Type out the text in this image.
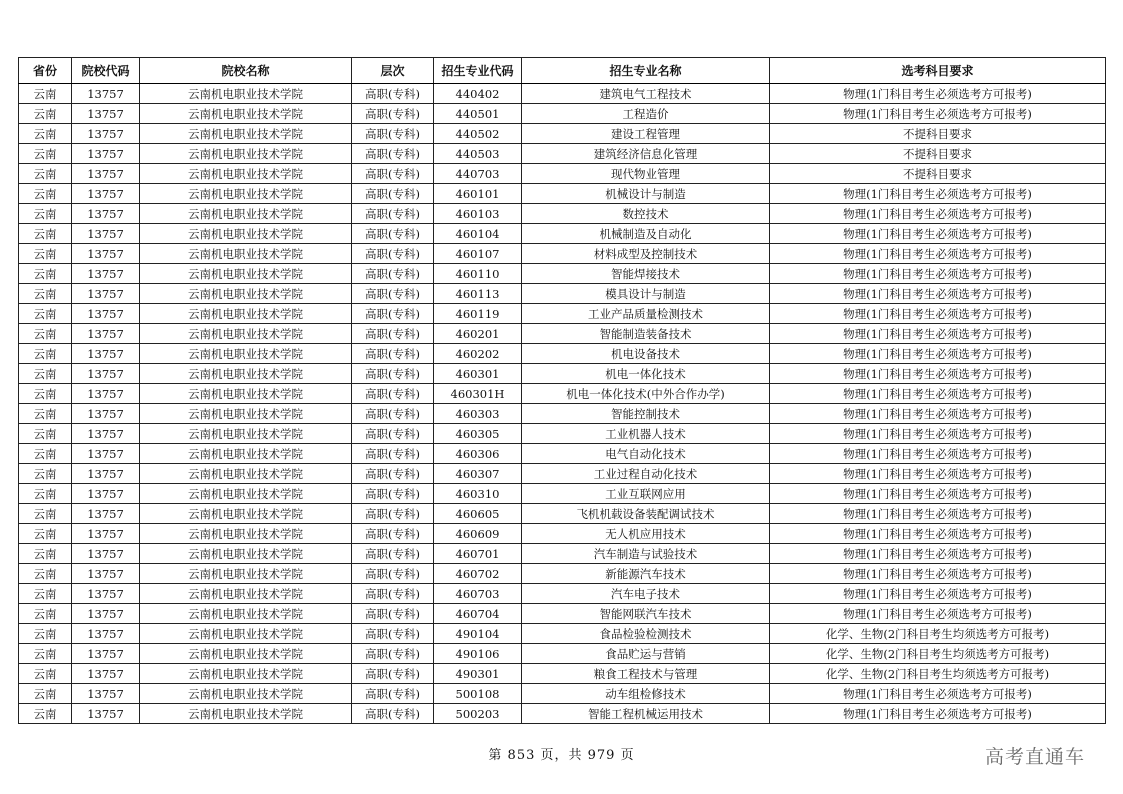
省份	院校代码	院校名称	层次	招生专业代码	招生专业名称	选考科目要求
云南	13757	云南机电职业技术学院	高职(专科)	440402	建筑电气工程技术	物理(1门科目考生必须选考方可报考)
云南	13757	云南机电职业技术学院	高职(专科)	440501	工程造价	物理(1门科目考生必须选考方可报考)
云南	13757	云南机电职业技术学院	高职(专科)	440502	建设工程管理	不提科目要求
云南	13757	云南机电职业技术学院	高职(专科)	440503	建筑经济信息化管理	不提科目要求
云南	13757	云南机电职业技术学院	高职(专科)	440703	现代物业管理	不提科目要求
云南	13757	云南机电职业技术学院	高职(专科)	460101	机械设计与制造	物理(1门科目考生必须选考方可报考)
云南	13757	云南机电职业技术学院	高职(专科)	460103	数控技术	物理(1门科目考生必须选考方可报考)
云南	13757	云南机电职业技术学院	高职(专科)	460104	机械制造及自动化	物理(1门科目考生必须选考方可报考)
云南	13757	云南机电职业技术学院	高职(专科)	460107	材料成型及控制技术	物理(1门科目考生必须选考方可报考)
云南	13757	云南机电职业技术学院	高职(专科)	460110	智能焊接技术	物理(1门科目考生必须选考方可报考)
云南	13757	云南机电职业技术学院	高职(专科)	460113	模具设计与制造	物理(1门科目考生必须选考方可报考)
云南	13757	云南机电职业技术学院	高职(专科)	460119	工业产品质量检测技术	物理(1门科目考生必须选考方可报考)
云南	13757	云南机电职业技术学院	高职(专科)	460201	智能制造装备技术	物理(1门科目考生必须选考方可报考)
云南	13757	云南机电职业技术学院	高职(专科)	460202	机电设备技术	物理(1门科目考生必须选考方可报考)
云南	13757	云南机电职业技术学院	高职(专科)	460301	机电一体化技术	物理(1门科目考生必须选考方可报考)
云南	13757	云南机电职业技术学院	高职(专科)	460301H	机电一体化技术(中外合作办学)	物理(1门科目考生必须选考方可报考)
云南	13757	云南机电职业技术学院	高职(专科)	460303	智能控制技术	物理(1门科目考生必须选考方可报考)
云南	13757	云南机电职业技术学院	高职(专科)	460305	工业机器人技术	物理(1门科目考生必须选考方可报考)
云南	13757	云南机电职业技术学院	高职(专科)	460306	电气自动化技术	物理(1门科目考生必须选考方可报考)
云南	13757	云南机电职业技术学院	高职(专科)	460307	工业过程自动化技术	物理(1门科目考生必须选考方可报考)
云南	13757	云南机电职业技术学院	高职(专科)	460310	工业互联网应用	物理(1门科目考生必须选考方可报考)
云南	13757	云南机电职业技术学院	高职(专科)	460605	飞机机载设备装配调试技术	物理(1门科目考生必须选考方可报考)
云南	13757	云南机电职业技术学院	高职(专科)	460609	无人机应用技术	物理(1门科目考生必须选考方可报考)
云南	13757	云南机电职业技术学院	高职(专科)	460701	汽车制造与试验技术	物理(1门科目考生必须选考方可报考)
云南	13757	云南机电职业技术学院	高职(专科)	460702	新能源汽车技术	物理(1门科目考生必须选考方可报考)
云南	13757	云南机电职业技术学院	高职(专科)	460703	汽车电子技术	物理(1门科目考生必须选考方可报考)
云南	13757	云南机电职业技术学院	高职(专科)	460704	智能网联汽车技术	物理(1门科目考生必须选考方可报考)
云南	13757	云南机电职业技术学院	高职(专科)	490104	食品检验检测技术	化学、生物(2门科目考生均须选考方可报考)
云南	13757	云南机电职业技术学院	高职(专科)	490106	食品贮运与营销	化学、生物(2门科目考生均须选考方可报考)
云南	13757	云南机电职业技术学院	高职(专科)	490301	粮食工程技术与管理	化学、生物(2门科目考生均须选考方可报考)
云南	13757	云南机电职业技术学院	高职(专科)	500108	动车组检修技术	物理(1门科目考生必须选考方可报考)
云南	13757	云南机电职业技术学院	高职(专科)	500203	智能工程机械运用技术	物理(1门科目考生必须选考方可报考)
第 853 页，共 979 页	高考直通车
